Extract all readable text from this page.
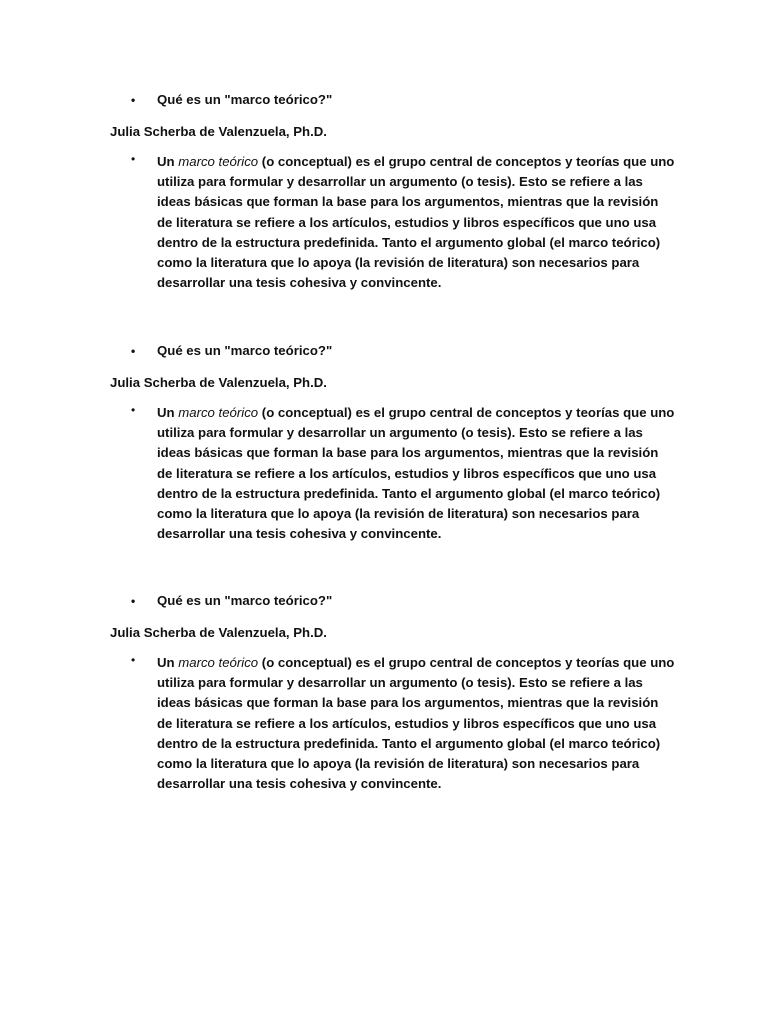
• Qué es un "marco teórico?"
Julia Scherba de Valenzuela, Ph.D.
• Un marco teórico (o conceptual) es el grupo central de conceptos y teorías que uno utiliza para formular y desarrollar un argumento (o tesis). Esto se refiere a las ideas básicas que forman la base para los argumentos, mientras que la revisión de literatura se refiere a los artículos, estudios y libros específicos que uno usa dentro de la estructura predefinida. Tanto el argumento global (el marco teórico) como la literatura que lo apoya (la revisión de literatura) son necesarios para desarrollar una tesis cohesiva y convincente.
• Qué es un "marco teórico?"
Julia Scherba de Valenzuela, Ph.D.
• Un marco teórico (o conceptual) es el grupo central de conceptos y teorías que uno utiliza para formular y desarrollar un argumento (o tesis). Esto se refiere a las ideas básicas que forman la base para los argumentos, mientras que la revisión de literatura se refiere a los artículos, estudios y libros específicos que uno usa dentro de la estructura predefinida. Tanto el argumento global (el marco teórico) como la literatura que lo apoya (la revisión de literatura) son necesarios para desarrollar una tesis cohesiva y convincente.
• Qué es un "marco teórico?"
Julia Scherba de Valenzuela, Ph.D.
• Un marco teórico (o conceptual) es el grupo central de conceptos y teorías que uno utiliza para formular y desarrollar un argumento (o tesis). Esto se refiere a las ideas básicas que forman la base para los argumentos, mientras que la revisión de literatura se refiere a los artículos, estudios y libros específicos que uno usa dentro de la estructura predefinida. Tanto el argumento global (el marco teórico) como la literatura que lo apoya (la revisión de literatura) son necesarios para desarrollar una tesis cohesiva y convincente.
